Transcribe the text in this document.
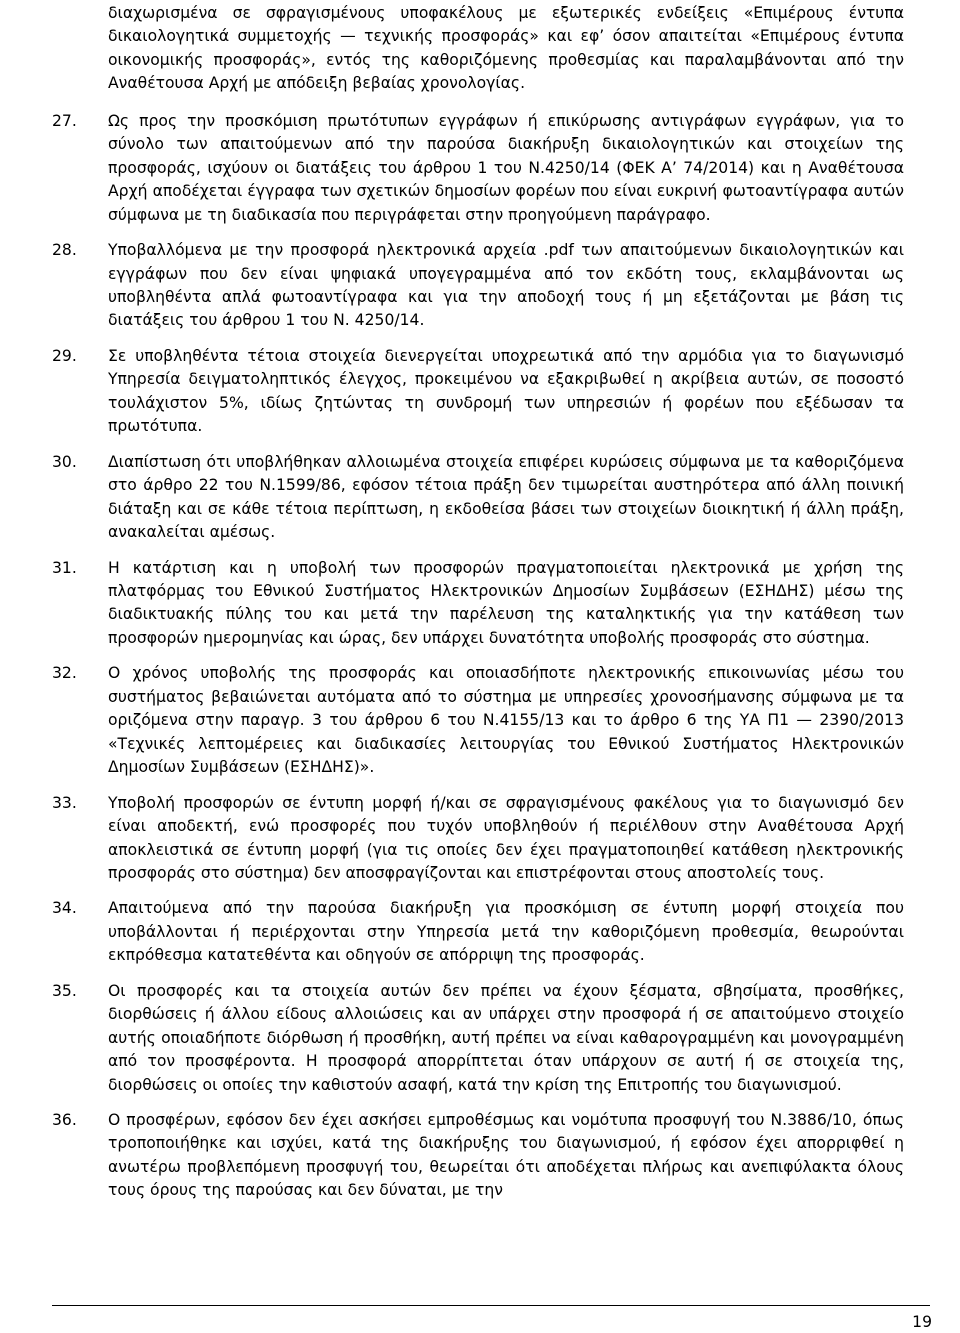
διαχωρισμένα σε σφραγισμένους υποφακέλους με εξωτερικές ενδείξεις «Επιμέρους έντυπα δικαιολογητικά συμμετοχής — τεχνικής προσφοράς» και εφ’ όσον απαιτείται «Επιμέρους έντυπα οικονομικής προσφοράς», εντός της καθοριζόμενης προθεσμίας και παραλαμβάνονται από την Αναθέτουσα Αρχή με απόδειξη βεβαίας χρονολογίας.
27.	Ως προς την προσκόμιση πρωτότυπων εγγράφων ή επικύρωσης αντιγράφων εγγράφων, για το σύνολο των απαιτούμενων από την παρούσα διακήρυξη δικαιολογητικών και στοιχείων της προσφοράς, ισχύουν οι διατάξεις του άρθρου 1 του Ν.4250/14 (ΦΕΚ Α’ 74/2014) και η Αναθέτουσα Αρχή αποδέχεται έγγραφα των σχετικών δημοσίων φορέων που είναι ευκρινή φωτοαντίγραφα αυτών σύμφωνα με τη διαδικασία που περιγράφεται στην προηγούμενη παράγραφο.
28.	Υποβαλλόμενα με την προσφορά ηλεκτρονικά αρχεία .pdf των απαιτούμενων δικαιολογητικών και εγγράφων που δεν είναι ψηφιακά υπογεγραμμένα από τον εκδότη τους, εκλαμβάνονται ως υποβληθέντα απλά φωτοαντίγραφα και για την αποδοχή τους ή μη εξετάζονται με βάση τις διατάξεις του άρθρου 1 του Ν. 4250/14.
29.	Σε υποβληθέντα τέτοια στοιχεία διενεργείται υποχρεωτικά από την αρμόδια για το διαγωνισμό Υπηρεσία δειγματοληπτικός έλεγχος, προκειμένου να εξακριβωθεί η ακρίβεια αυτών, σε ποσοστό τουλάχιστον 5%, ιδίως ζητώντας τη συνδρομή των υπηρεσιών ή φορέων που εξέδωσαν τα πρωτότυπα.
30.	Διαπίστωση ότι υποβλήθηκαν αλλοιωμένα στοιχεία επιφέρει κυρώσεις σύμφωνα με τα καθοριζόμενα στο άρθρο 22 του Ν.1599/86, εφόσον τέτοια πράξη δεν τιμωρείται αυστηρότερα από άλλη ποινική διάταξη και σε κάθε τέτοια περίπτωση, η εκδοθείσα βάσει των στοιχείων διοικητική ή άλλη πράξη, ανακαλείται αμέσως.
31.	Η κατάρτιση και η υποβολή των προσφορών πραγματοποιείται ηλεκτρονικά με χρήση της πλατφόρμας του Εθνικού Συστήματος Ηλεκτρονικών Δημοσίων Συμβάσεων (ΕΣΗΔΗΣ) μέσω της διαδικτυακής πύλης του και μετά την παρέλευση της καταληκτικής για την κατάθεση των προσφορών ημερομηνίας και ώρας, δεν υπάρχει δυνατότητα υποβολής προσφοράς στο σύστημα.
32.	Ο χρόνος υποβολής της προσφοράς και οποιασδήποτε ηλεκτρονικής επικοινωνίας μέσω του συστήματος βεβαιώνεται αυτόματα από το σύστημα με υπηρεσίες χρονοσήμανσης σύμφωνα με τα οριζόμενα στην παραγρ. 3 του άρθρου 6 του Ν.4155/13 και το άρθρο 6 της ΥΑ Π1 — 2390/2013 «Τεχνικές λεπτομέρειες και διαδικασίες λειτουργίας του Εθνικού Συστήματος Ηλεκτρονικών Δημοσίων Συμβάσεων (ΕΣΗΔΗΣ)».
33.	Υποβολή προσφορών σε έντυπη μορφή ή/και σε σφραγισμένους φακέλους για το διαγωνισμό δεν είναι αποδεκτή, ενώ προσφορές που τυχόν υποβληθούν ή περιέλθουν στην Αναθέτουσα Αρχή αποκλειστικά σε έντυπη μορφή (για τις οποίες δεν έχει πραγματοποιηθεί κατάθεση ηλεκτρονικής προσφοράς στο σύστημα) δεν αποσφραγίζονται και επιστρέφονται στους αποστολείς τους.
34.	Απαιτούμενα από την παρούσα διακήρυξη για προσκόμιση σε έντυπη μορφή στοιχεία που υποβάλλονται ή περιέρχονται στην Υπηρεσία μετά την καθοριζόμενη προθεσμία, θεωρούνται εκπρόθεσμα κατατεθέντα και οδηγούν σε απόρριψη της προσφοράς.
35.	Οι προσφορές και τα στοιχεία αυτών δεν πρέπει να έχουν ξέσματα, σβησίματα, προσθήκες, διορθώσεις ή άλλου είδους αλλοιώσεις και αν υπάρχει στην προσφορά ή σε απαιτούμενο στοιχείο αυτής οποιαδήποτε διόρθωση ή προσθήκη, αυτή πρέπει να είναι καθαρογραμμένη και μονογραμμένη από τον προσφέροντα. Η προσφορά απορρίπτεται όταν υπάρχουν σε αυτή ή σε στοιχεία της, διορθώσεις οι οποίες την καθιστούν ασαφή, κατά την κρίση της Επιτροπής του διαγωνισμού.
36.	Ο προσφέρων, εφόσον δεν έχει ασκήσει εμπροθέσμως και νομότυπα προσφυγή του Ν.3886/10, όπως τροποποιήθηκε και ισχύει, κατά της διακήρυξης του διαγωνισμού, ή εφόσον έχει απορριφθεί η ανωτέρω προβλεπόμενη προσφυγή του, θεωρείται ότι αποδέχεται πλήρως και ανεπιφύλακτα όλους τους όρους της παρούσας και δεν δύναται, με την
19
